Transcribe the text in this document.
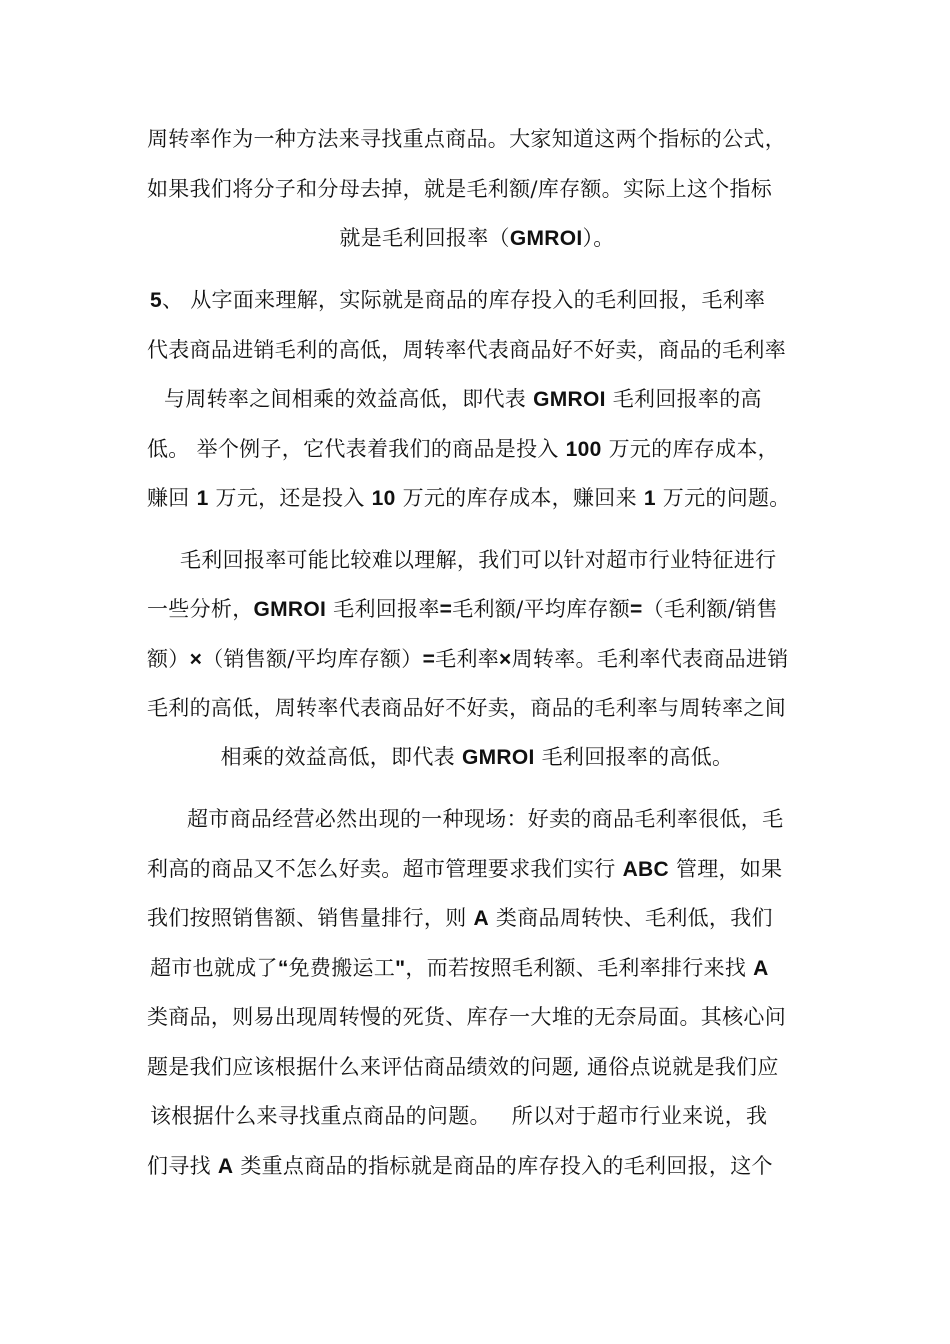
周转率作为一种方法来寻找重点商品。大家知道这两个指标的公式，
如果我们将分子和分母去掉，就是毛利额/库存额。实际上这个指标
就是毛利回报率（GMROI）。
5、 从字面来理解，实际就是商品的库存投入的毛利回报，毛利率
代表商品进销毛利的高低，周转率代表商品好不好卖，商品的毛利率
与周转率之间相乘的效益高低，即代表 GMROI 毛利回报率的高
低。 举个例子，它代表着我们的商品是投入 100 万元的库存成本，
赚回 1 万元，还是投入 10 万元的库存成本，赚回来 1 万元的问题。
毛利回报率可能比较难以理解，我们可以针对超市行业特征进行
一些分析，GMROI 毛利回报率=毛利额/平均库存额=（毛利额/销售
额）×（销售额/平均库存额）=毛利率×周转率。毛利率代表商品进销
毛利的高低，周转率代表商品好不好卖，商品的毛利率与周转率之间
相乘的效益高低，即代表 GMROI 毛利回报率的高低。
超市商品经营必然出现的一种现场：好卖的商品毛利率很低，毛
利高的商品又不怎么好卖。超市管理要求我们实行 ABC 管理，如果
我们按照销售额、销售量排行，则 A 类商品周转快、毛利低，我们
超市也就成了“免费搬运工"，而若按照毛利额、毛利率排行来找 A
类商品，则易出现周转慢的死货、库存一大堆的无奈局面。其核心问
题是我们应该根据什么来评估商品绩效的问题, 通俗点说就是我们应
该根据什么来寻找重点商品的问题。   所以对于超市行业来说，我
们寻找 A 类重点商品的指标就是商品的库存投入的毛利回报，这个
